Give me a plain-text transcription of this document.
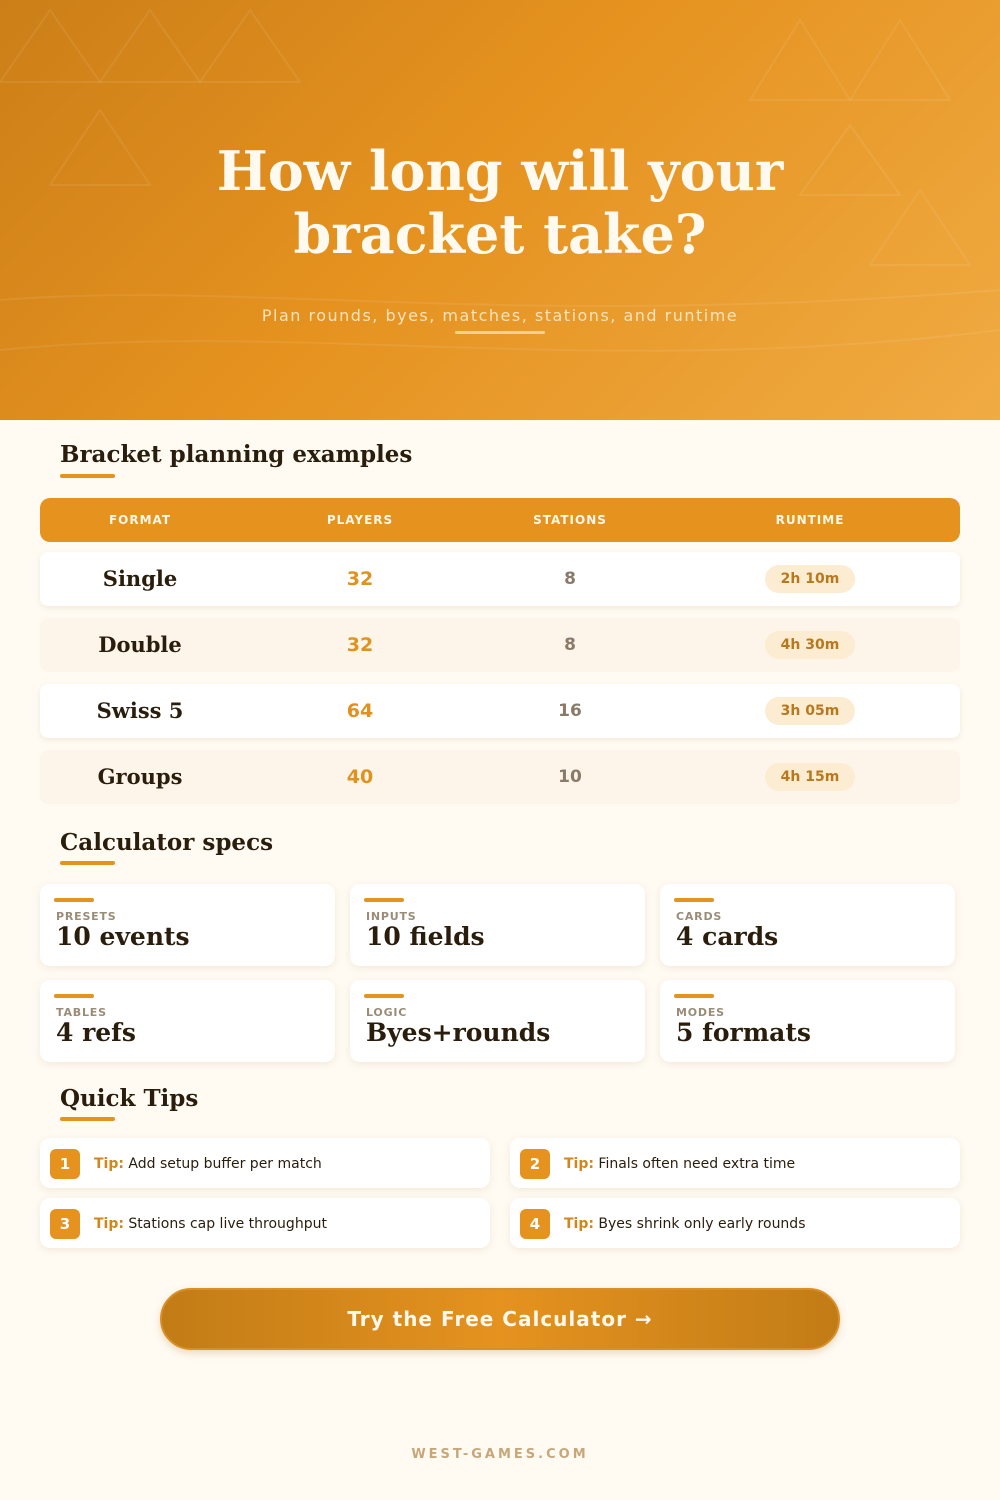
How long will your
bracket take?
Plan rounds, byes, matches, stations, and runtime
Bracket planning examples
FORMAT	PLAYERS	STATIONS	RUNTIME
Single	32	8	2h 10m
Double	32	8	4h 30m
Swiss 5	64	16	3h 05m
Groups	40	10	4h 15m
Calculator specs
PRESETS
10 events
INPUTS
10 fields
CARDS
4 cards
TABLES
4 refs
LOGIC
Byes+rounds
MODES
5 formats
Quick Tips
1	Tip: Add setup buffer per match	2	Tip: Finals often need extra time
3	Tip: Stations cap live throughput	4	Tip: Byes shrink only early rounds
Try the Free Calculator →
WEST-GAMES.COM
